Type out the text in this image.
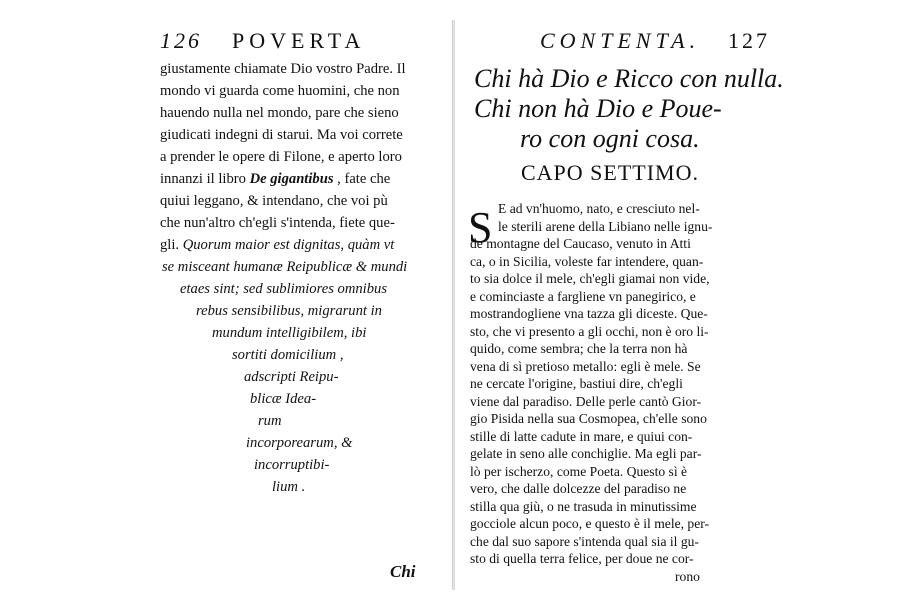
126 POVERTA
giustamente chiamate Dio vostro Padre. Il
mondo vi guarda come huomini, che non
hauendo nulla nel mondo, pare che sieno
giudicati indegni di starui. Ma voi correte
a prender le opere di Filone, e aperto loro
innanzi il libro De gigantibus , fate che
quiui leggano, & intendano, che voi pù
che nun'altro ch'egli s'intenda, fiete que-
gli. Quorum maior est dignitas, quàm vt
se misceant humanæ Reipublicæ & mundi
etaes sint; sed sublimiores omnibus
rebus sensibilibus, migrarunt in
mundum intelligibilem, ibi
sortiti domicilium ,
adscripti Reipu-
blicæ Idea-
rum
incorporearum, &
incorruptibi-
lium .
Chi
CONTENTA. 127
Chi hà Dio e Ricco con nulla.
Chi non hà Dio e Poue-
ro con ogni cosa.
CAPO SETTIMO.
S E ad vn'huomo, nato, e cresciuto nel-
le sterili arene della Libiano nelle ignu-
de montagne del Caucaso, venuto in Atti
ca, o in Sicilia, voleste far intendere, quan-
to sia dolce il mele, ch'egli giamai non vide,
e cominciaste a fargliene vn panegirico, e
mostrandogliene vna tazza gli diceste. Que-
sto, che vi presento a gli occhi, non è oro li-
quido, come sembra; che la terra non hà
vena di sì pretioso metallo: egli è mele. Se
ne cercate l'origine, bastiui dire, ch'egli
viene dal paradiso. Delle perle cantò Gior-
gio Pisida nella sua Cosmopea, ch'elle sono
stille di latte cadute in mare, e quiui con-
gelate in seno alle conchiglie. Ma egli par-
lò per ischerzo, come Poeta. Questo sì è
vero, che dalle dolcezze del paradiso ne
stilla qua giù, o ne trasuda in minutissime
gocciole alcun poco, e questo è il mele, per-
che dal suo sapore s'intenda qual sia il gu-
sto di quella terra felice, per doue ne cor-
rono
